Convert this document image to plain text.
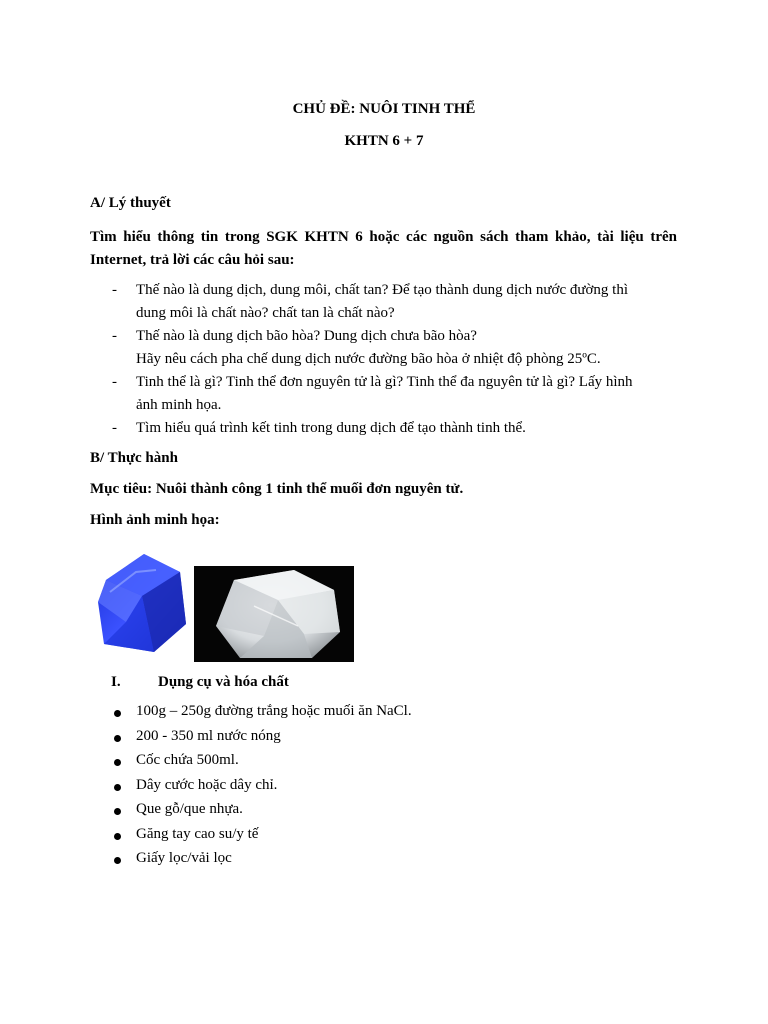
CHỦ ĐỀ: NUÔI TINH THỂ
KHTN 6 + 7
A/ Lý thuyết
Tìm hiểu thông tin trong SGK KHTN 6 hoặc các nguồn sách tham khảo, tài liệu trên Internet, trả lời các câu hỏi sau:
- Thế nào là dung dịch, dung môi, chất tan? Để tạo thành dung dịch nước đường thì
dung môi là chất nào? chất tan là chất nào?
- Thế nào là dung dịch bão hòa? Dung dịch chưa bão hòa?
Hãy nêu cách pha chế dung dịch nước đường bão hòa ở nhiệt độ phòng 25ºC.
- Tinh thể là gì? Tinh thể đơn nguyên tử là gì? Tinh thể đa nguyên tử là gì? Lấy hình
ảnh minh họa.
- Tìm hiểu quá trình kết tinh trong dung dịch để tạo thành tinh thể.
B/ Thực hành
Mục tiêu: Nuôi thành công 1 tinh thể muối đơn nguyên tử.
Hình ảnh minh họa:
I. Dụng cụ và hóa chất
100g – 250g đường trắng hoặc muối ăn NaCl.
200 - 350 ml nước nóng
Cốc chứa 500ml.
Dây cước hoặc dây chỉ.
Que gỗ/que nhựa.
Găng tay cao su/y tế
Giấy lọc/vải lọc
